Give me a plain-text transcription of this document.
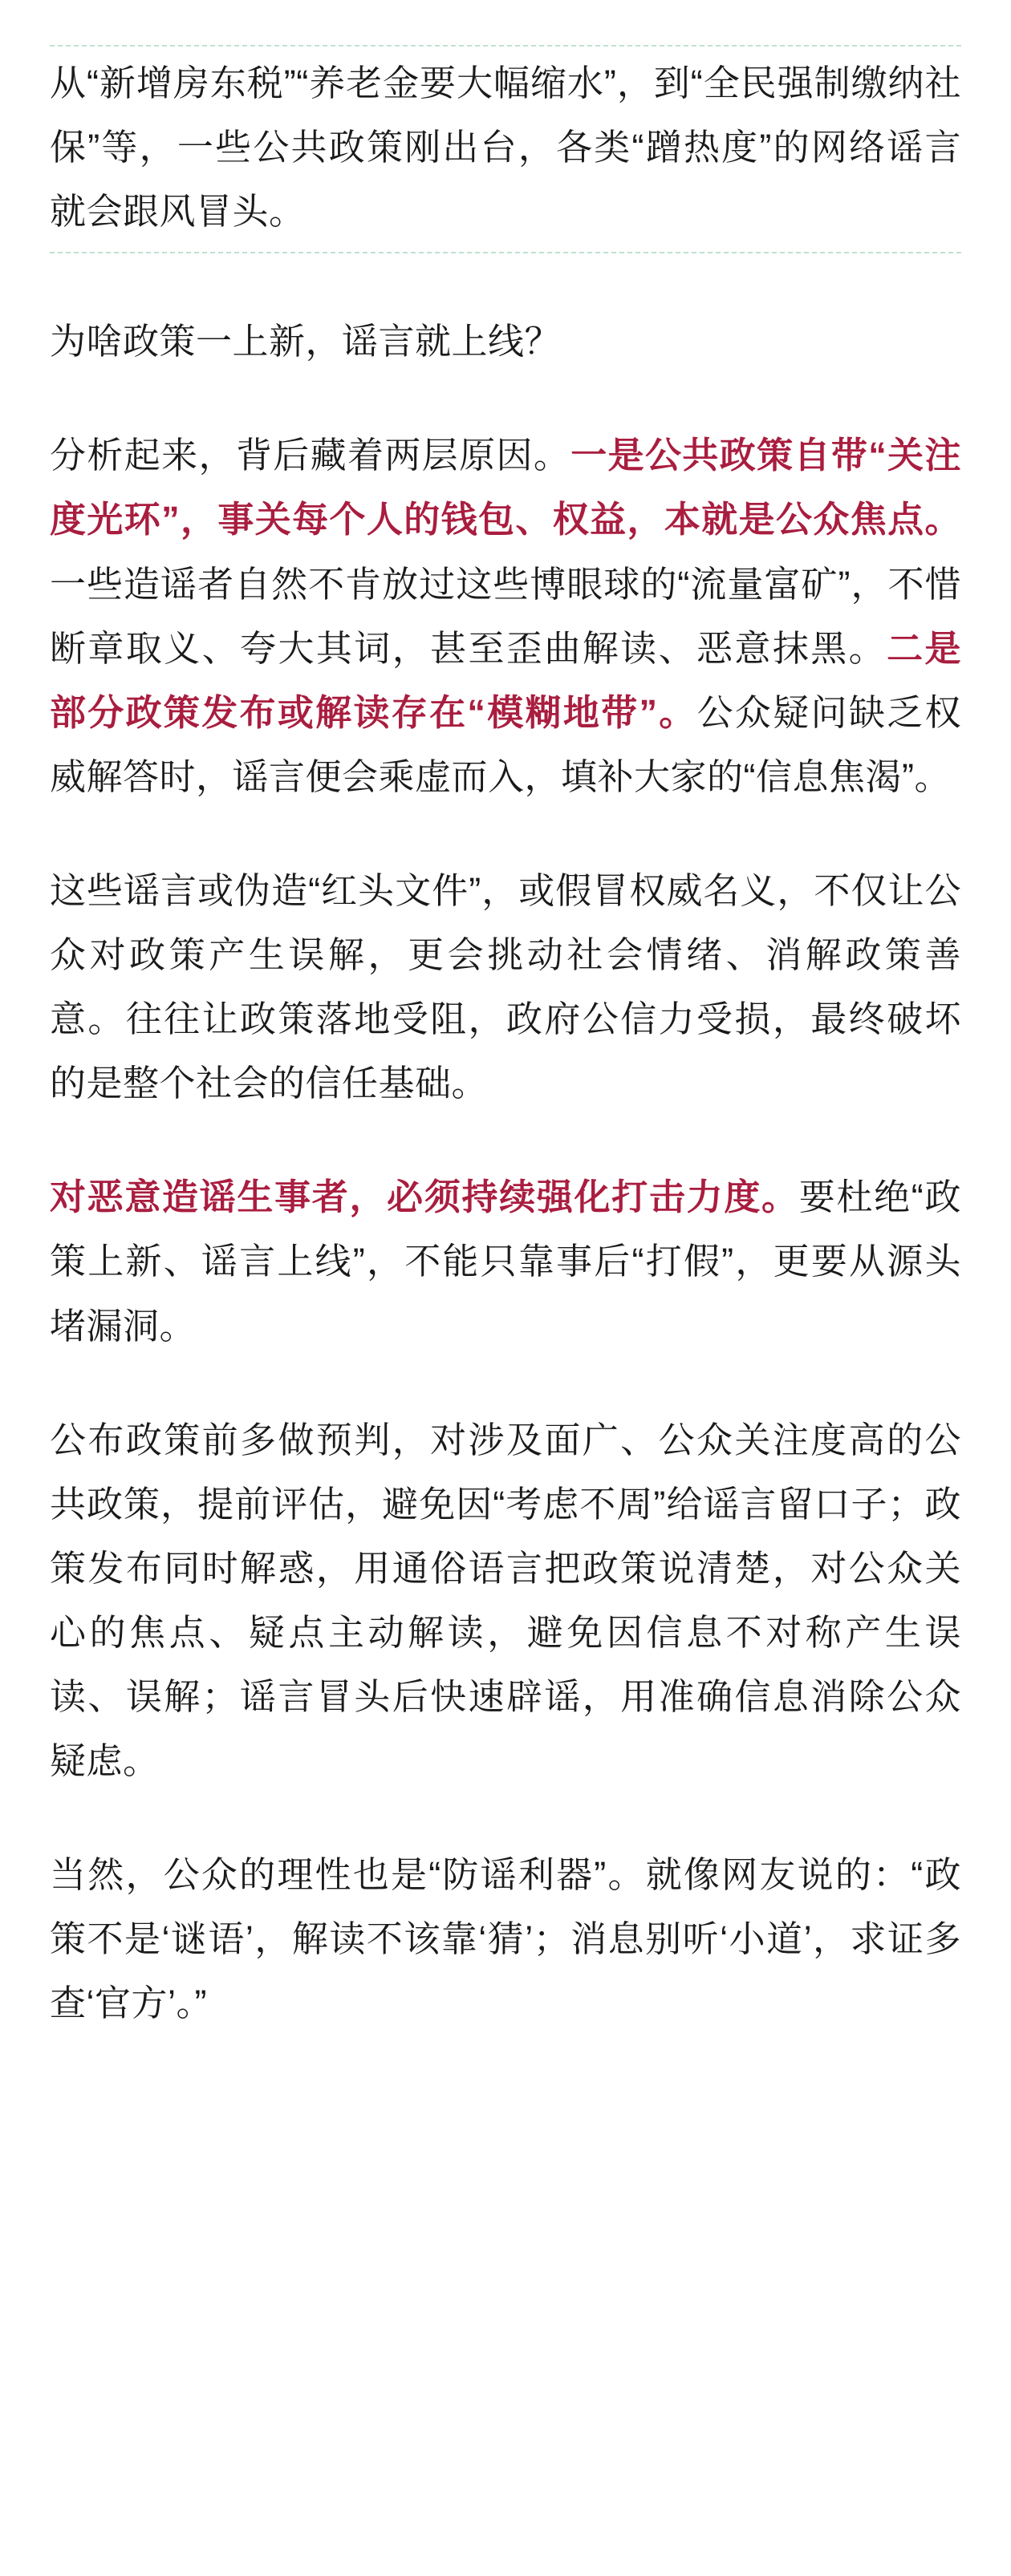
从“新增房东税”“养老金要大幅缩水”，到“全民强制缴纳社保”等，一些公共政策刚出台，各类“蹭热度”的网络谣言就会跟风冒头。

为啥政策一上新，谣言就上线？

分析起来，背后藏着两层原因。一是公共政策自带“关注度光环”，事关每个人的钱包、权益，本就是公众焦点。一些造谣者自然不肯放过这些博眼球的“流量富矿”，不惜断章取义、夸大其词，甚至歪曲解读、恶意抹黑。二是部分政策发布或解读存在“模糊地带”。公众疑问缺乏权威解答时，谣言便会乘虚而入，填补大家的“信息焦渴”。

这些谣言或伪造“红头文件”，或假冒权威名义，不仅让公众对政策产生误解，更会挑动社会情绪、消解政策善意。往往让政策落地受阻，政府公信力受损，最终破坏的是整个社会的信任基础。

对恶意造谣生事者，必须持续强化打击力度。要杜绝“政策上新、谣言上线”，不能只靠事后“打假”，更要从源头堵漏洞。

公布政策前多做预判，对涉及面广、公众关注度高的公共政策，提前评估，避免因“考虑不周”给谣言留口子；政策发布同时解惑，用通俗语言把政策说清楚，对公众关心的焦点、疑点主动解读，避免因信息不对称产生误读、误解；谣言冒头后快速辟谣，用准确信息消除公众疑虑。

当然，公众的理性也是“防谣利器”。就像网友说的：“政策不是‘谜语’，解读不该靠‘猜’；消息别听‘小道’，求证多查‘官方’。”
